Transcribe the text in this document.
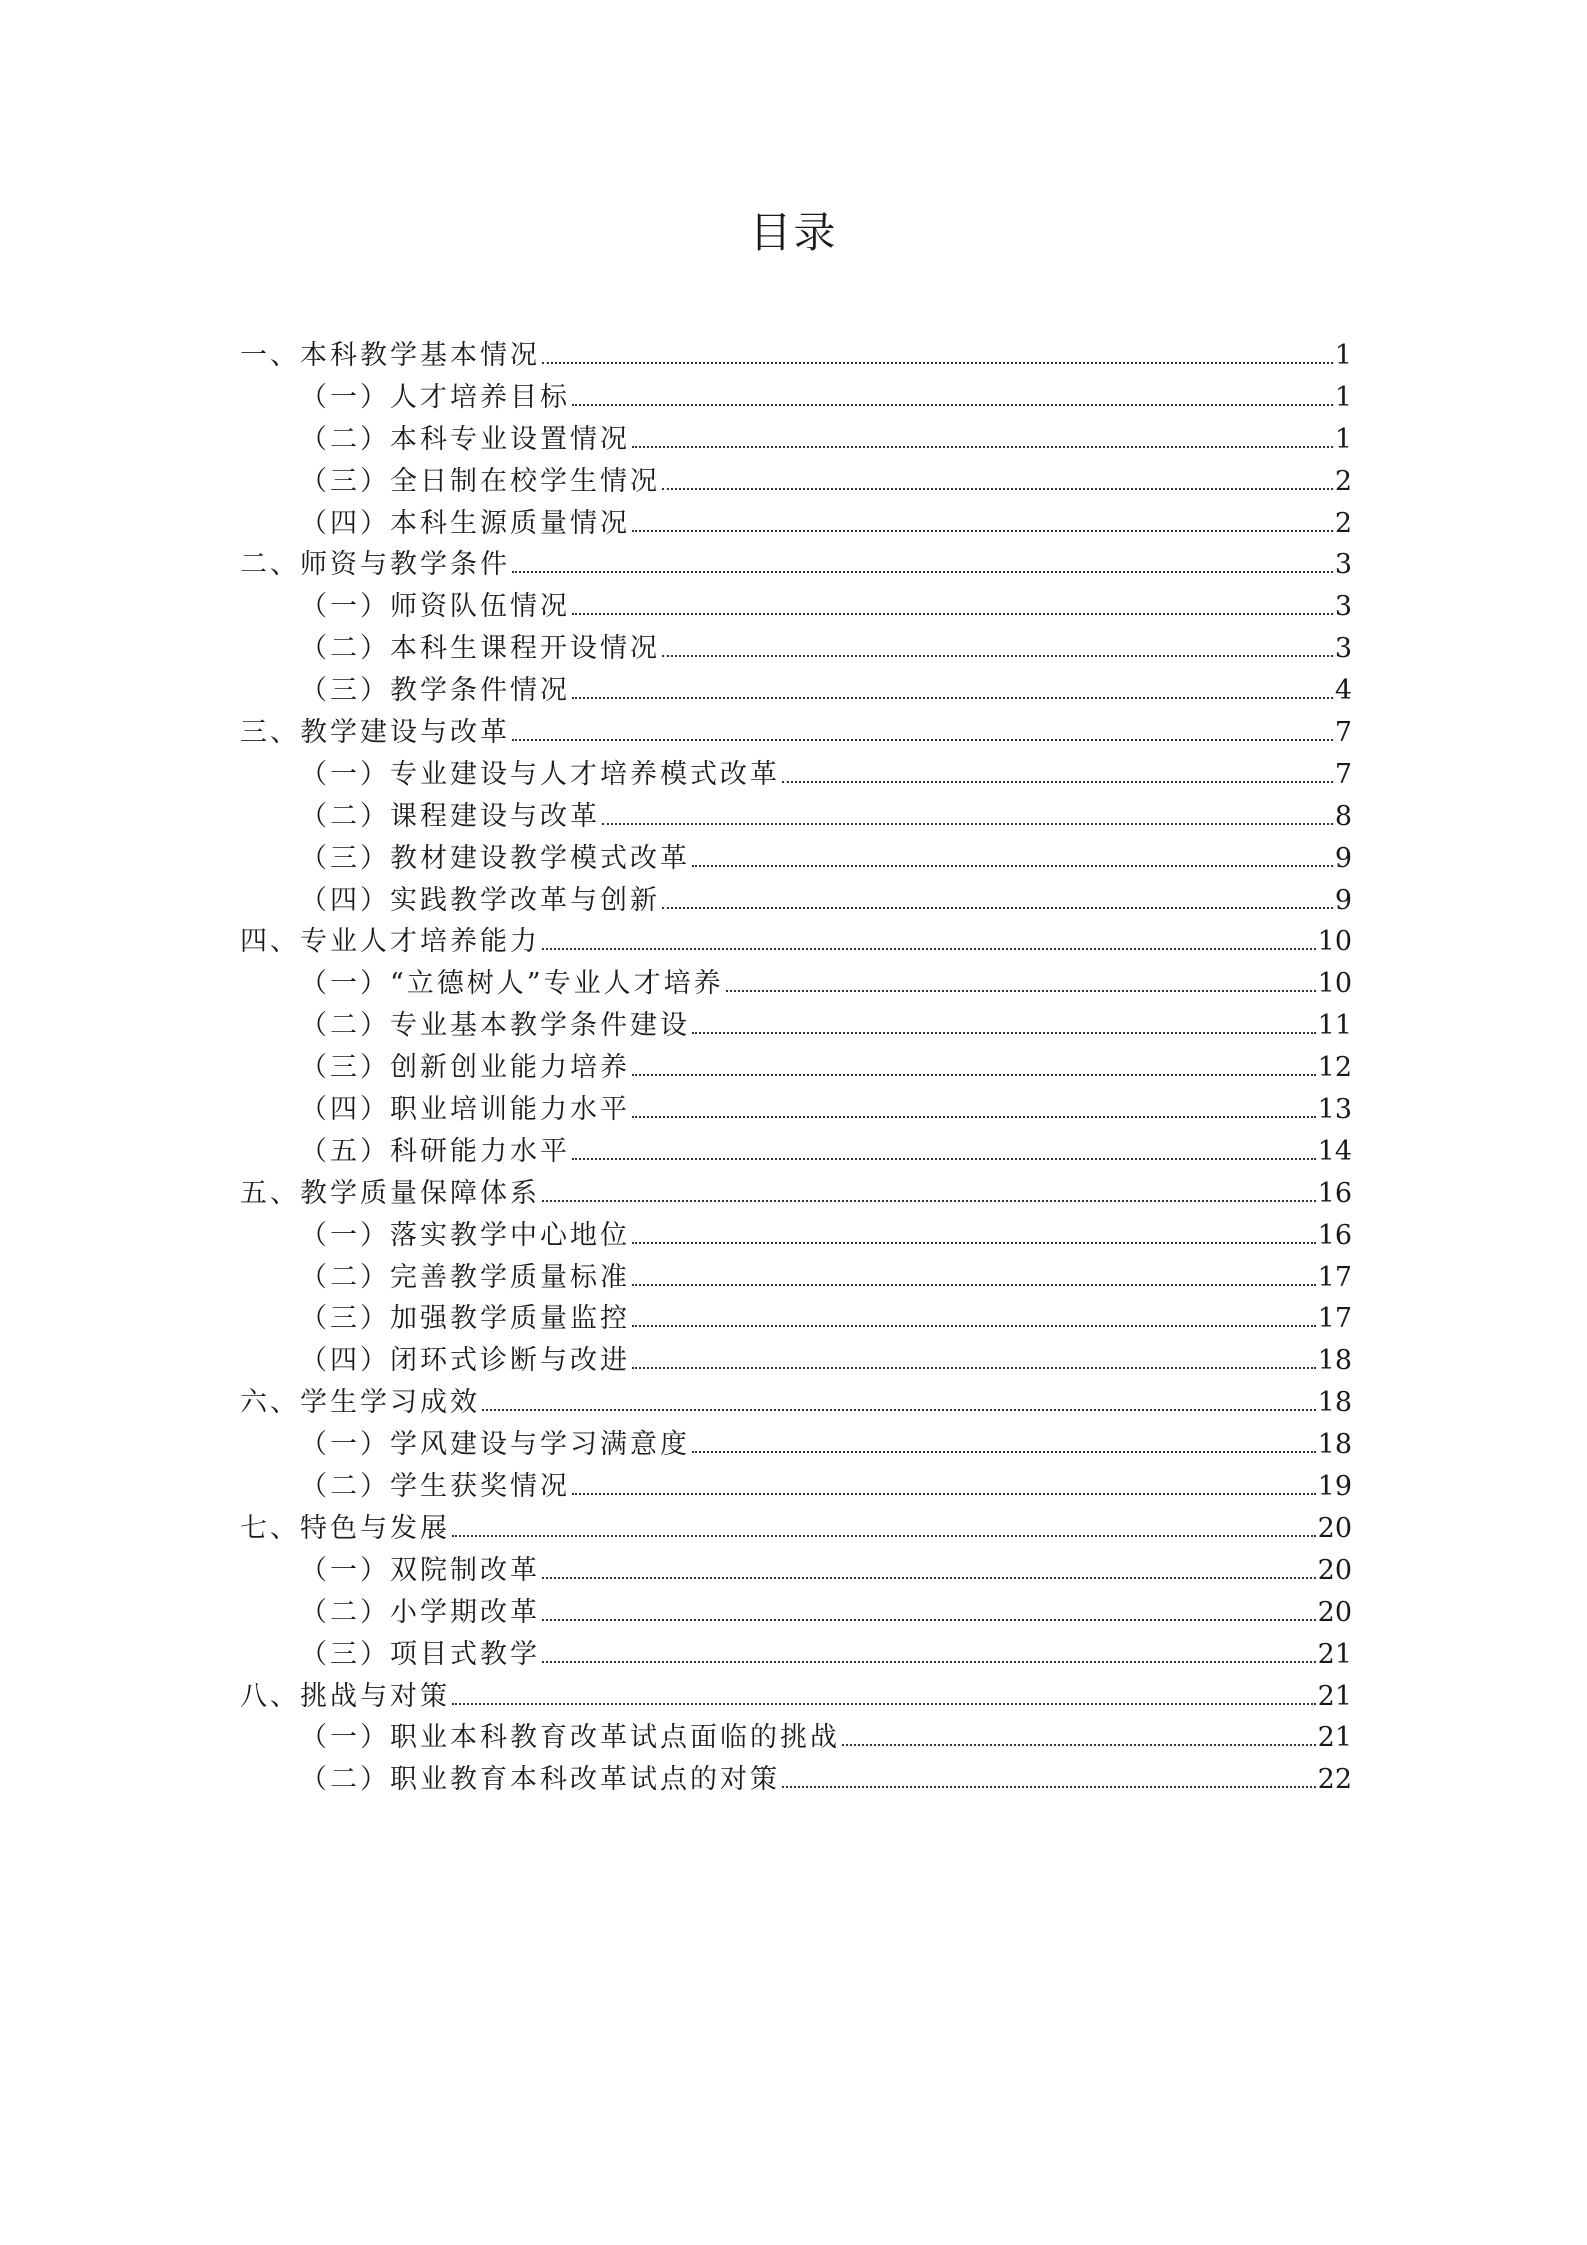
目录
一、本科教学基本情况	1
（一）人才培养目标	1
（二）本科专业设置情况	1
（三）全日制在校学生情况	2
（四）本科生源质量情况	2
二、师资与教学条件	3
（一）师资队伍情况	3
（二）本科生课程开设情况	3
（三）教学条件情况	4
三、教学建设与改革	7
（一）专业建设与人才培养模式改革	7
（二）课程建设与改革	8
（三）教材建设教学模式改革	9
（四）实践教学改革与创新	9
四、专业人才培养能力	10
（一）“立德树人”专业人才培养	10
（二）专业基本教学条件建设	11
（三）创新创业能力培养	12
（四）职业培训能力水平	13
（五）科研能力水平	14
五、教学质量保障体系	16
（一）落实教学中心地位	16
（二）完善教学质量标准	17
（三）加强教学质量监控	17
（四）闭环式诊断与改进	18
六、学生学习成效	18
（一）学风建设与学习满意度	18
（二）学生获奖情况	19
七、特色与发展	20
（一）双院制改革	20
（二）小学期改革	20
（三）项目式教学	21
八、挑战与对策	21
（一）职业本科教育改革试点面临的挑战	21
（二）职业教育本科改革试点的对策	22
